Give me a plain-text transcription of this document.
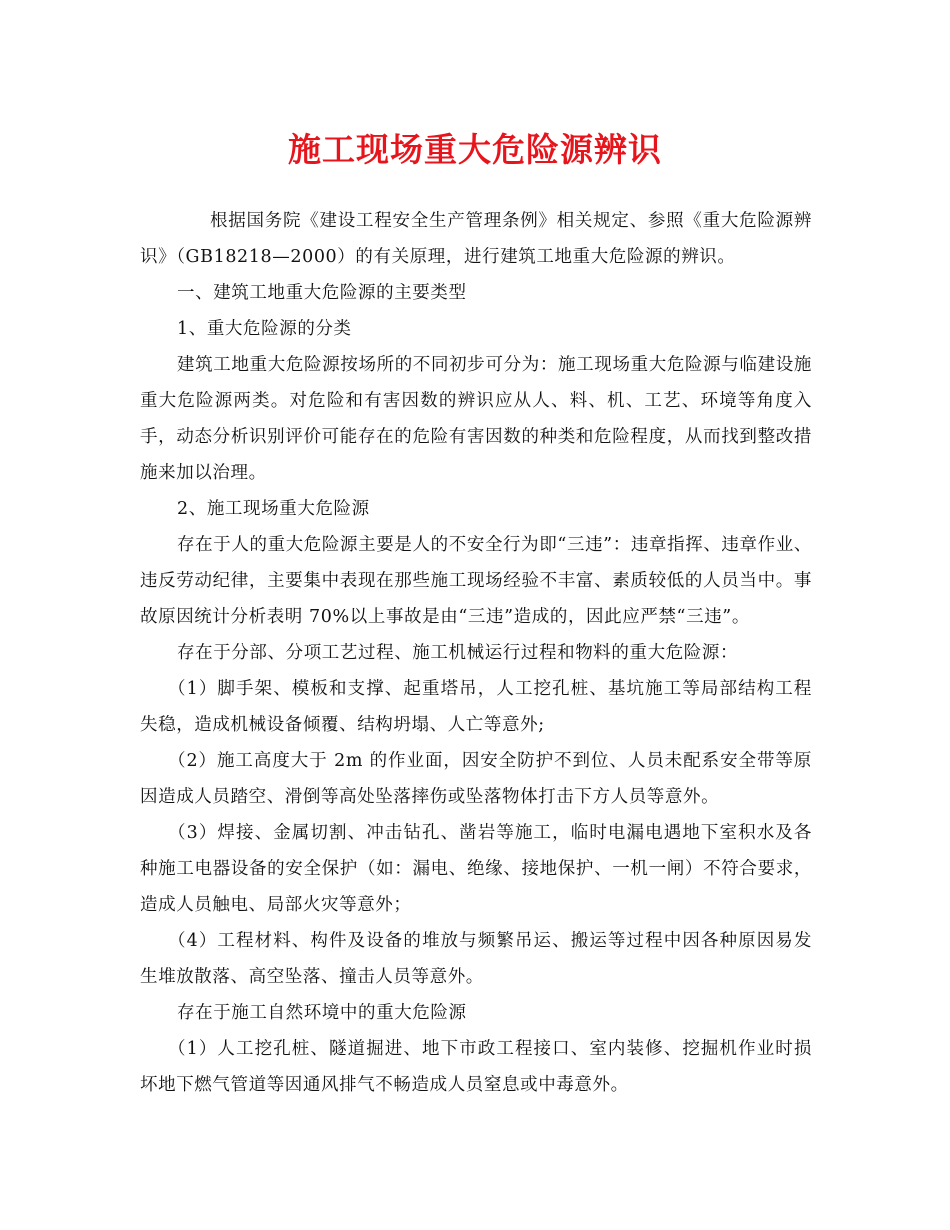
施工现场重大危险源辨识

根据国务院《建设工程安全生产管理条例》相关规定、参照《重大危险源辨识》（GB18218—2000）的有关原理，进行建筑工地重大危险源的辨识。

一、建筑工地重大危险源的主要类型

1、重大危险源的分类

建筑工地重大危险源按场所的不同初步可分为：施工现场重大危险源与临建设施重大危险源两类。对危险和有害因数的辨识应从人、料、机、工艺、环境等角度入手，动态分析识别评价可能存在的危险有害因数的种类和危险程度，从而找到整改措施来加以治理。

2、施工现场重大危险源

存在于人的重大危险源主要是人的不安全行为即“三违”：违章指挥、违章作业、违反劳动纪律，主要集中表现在那些施工现场经验不丰富、素质较低的人员当中。事故原因统计分析表明 70%以上事故是由“三违”造成的，因此应严禁“三违”。

存在于分部、分项工艺过程、施工机械运行过程和物料的重大危险源：

（1）脚手架、模板和支撑、起重塔吊，人工挖孔桩、基坑施工等局部结构工程失稳，造成机械设备倾覆、结构坍塌、人亡等意外;

（2）施工高度大于 2m 的作业面，因安全防护不到位、人员未配系安全带等原因造成人员踏空、滑倒等高处坠落摔伤或坠落物体打击下方人员等意外。

（3）焊接、金属切割、冲击钻孔、凿岩等施工，临时电漏电遇地下室积水及各种施工电器设备的安全保护（如：漏电、绝缘、接地保护、一机一闸）不符合要求，造成人员触电、局部火灾等意外；

（4）工程材料、构件及设备的堆放与频繁吊运、搬运等过程中因各种原因易发生堆放散落、高空坠落、撞击人员等意外。

存在于施工自然环境中的重大危险源

（1）人工挖孔桩、隧道掘进、地下市政工程接口、室内装修、挖掘机作业时损坏地下燃气管道等因通风排气不畅造成人员窒息或中毒意外。
